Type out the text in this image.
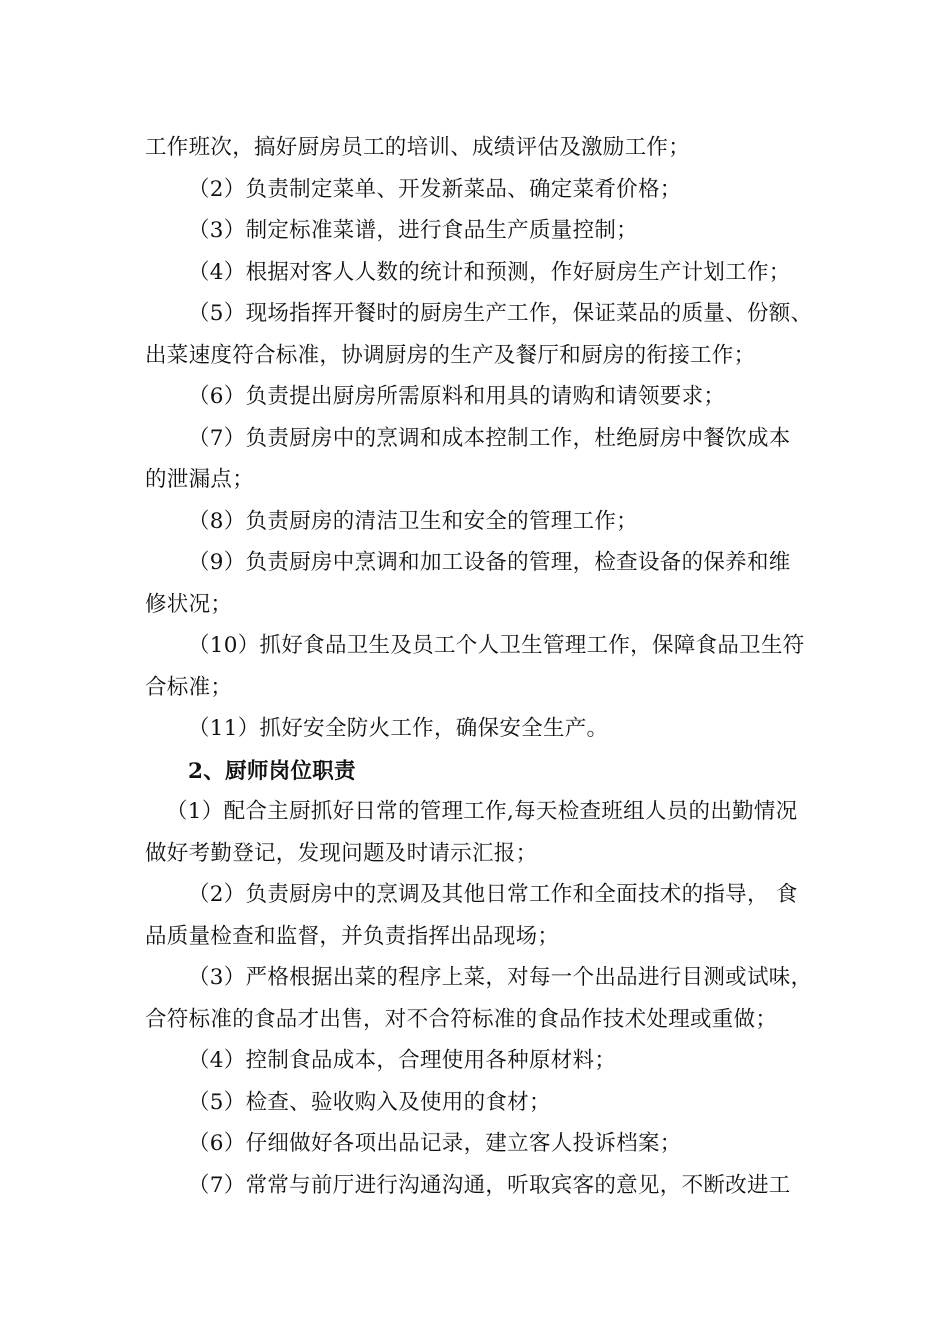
工作班次，搞好厨房员工的培训、成绩评估及激励工作；
（2）负责制定菜单、开发新菜品、确定菜肴价格；
（3）制定标准菜谱，进行食品生产质量控制；
（4）根据对客人人数的统计和预测，作好厨房生产计划工作；
（5）现场指挥开餐时的厨房生产工作，保证菜品的质量、份额、
出菜速度符合标准，协调厨房的生产及餐厅和厨房的衔接工作；
（6）负责提出厨房所需原料和用具的请购和请领要求；
（7）负责厨房中的烹调和成本控制工作，杜绝厨房中餐饮成本
的泄漏点；
（8）负责厨房的清洁卫生和安全的管理工作；
（9）负责厨房中烹调和加工设备的管理，检查设备的保养和维
修状况；
（10）抓好食品卫生及员工个人卫生管理工作，保障食品卫生符
合标准；
（11）抓好安全防火工作，确保安全生产。
2、厨师岗位职责
（1）配合主厨抓好日常的管理工作,每天检查班组人员的出勤情况
做好考勤登记，发现问题及时请示汇报；
（2）负责厨房中的烹调及其他日常工作和全面技术的指导， 食
品质量检查和监督，并负责指挥出品现场；
（3）严格根据出菜的程序上菜，对每一个出品进行目测或试味，
合符标准的食品才出售，对不合符标准的食品作技术处理或重做；
（4）控制食品成本，合理使用各种原材料；
（5）检查、验收购入及使用的食材；
（6）仔细做好各项出品记录，建立客人投诉档案；
（7）常常与前厅进行沟通沟通，听取宾客的意见，不断改进工
